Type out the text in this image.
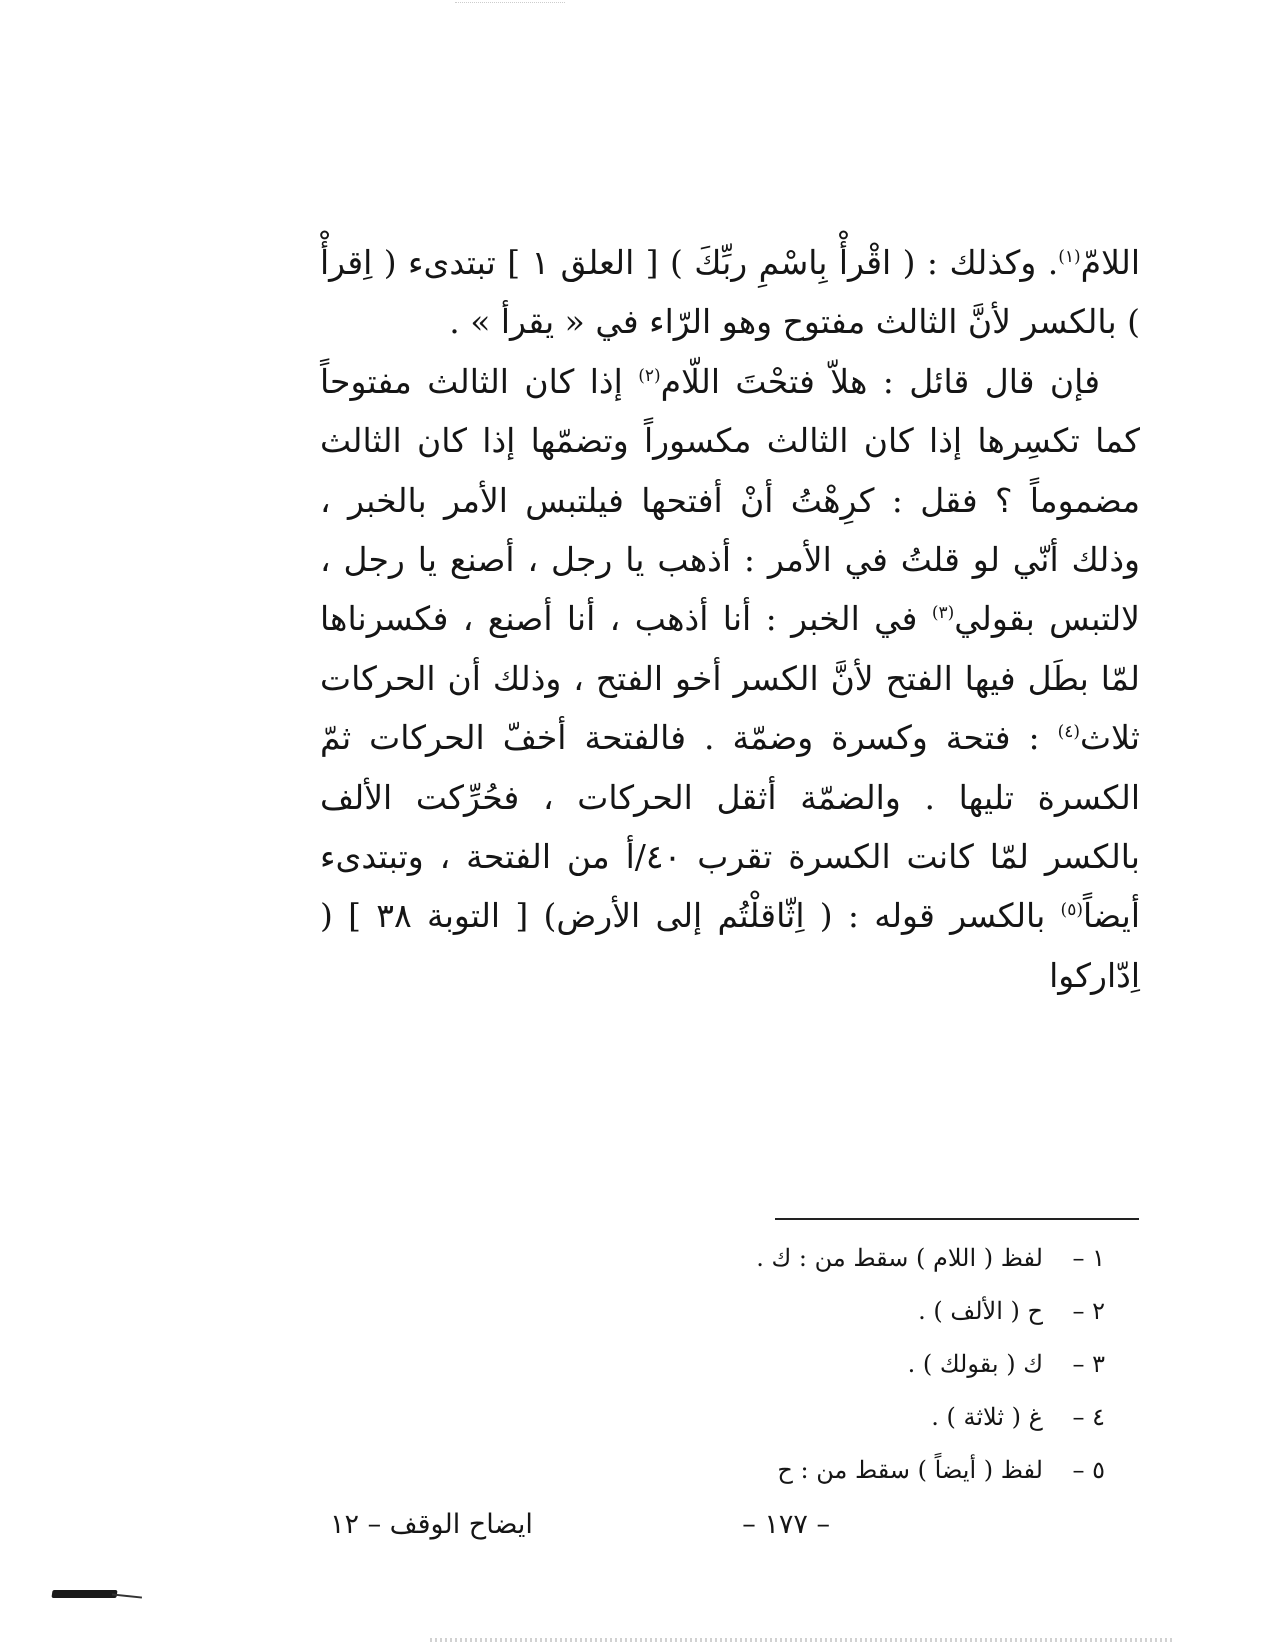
اللامّ$^{(١)}$. وكذلك : ( اقْرأْ بِاسْمِ ربِّكَ ) [ العلق ١ ] تبتدىء ( اِقرأْ ) بالكسر لأنَّ الثالث مفتوح وهو الرّاء في « يقرأ » .

فإن قال قائل : هلاّ فتحْتَ اللّام$^{(٢)}$ إذا كان الثالث مفتوحاً كما تكسِرها إذا كان الثالث مكسوراً وتضمّها إذا كان الثالث مضموماً ؟ فقل : كرِهْتُ أنْ أفتحها فيلتبس الأمر بالخبر ، وذلك أنّي لو قلتُ في الأمر : أذهب يا رجل ، أصنع يا رجل ، لالتبس بقولي$^{(٣)}$ في الخبر : أنا أذهب ، أنا أصنع ، فكسرناها لمّا بطَل فيها الفتح لأنَّ الكسر أخو الفتح ، وذلك أن الحركات ثلاث$^{(٤)}$ : فتحة وكسرة وضمّة . فالفتحة أخفّ الحركات ثمّ الكسرة تليها . والضمّة أثقل الحركات ، فحُرِّكت الألف بالكسر لمّا كانت الكسرة تقرب ٤٠/أ من الفتحة ، وتبتدىء أيضاً$^{(٥)}$ بالكسر قوله : ( اِثّاقلْتُم إلى الأرض) [ التوبة ٣٨ ] ( اِدّاركوا

١ –
لفظ ( اللام ) سقط من : ك .
٢ –
ح ( الألف ) .
٣ –
ك ( بقولك ) .
٤ –
غ ( ثلاثة ) .
٥ –
لفظ ( أيضاً ) سقط من : ح
– ١٧٧ –
ايضاح الوقف – ١٢
